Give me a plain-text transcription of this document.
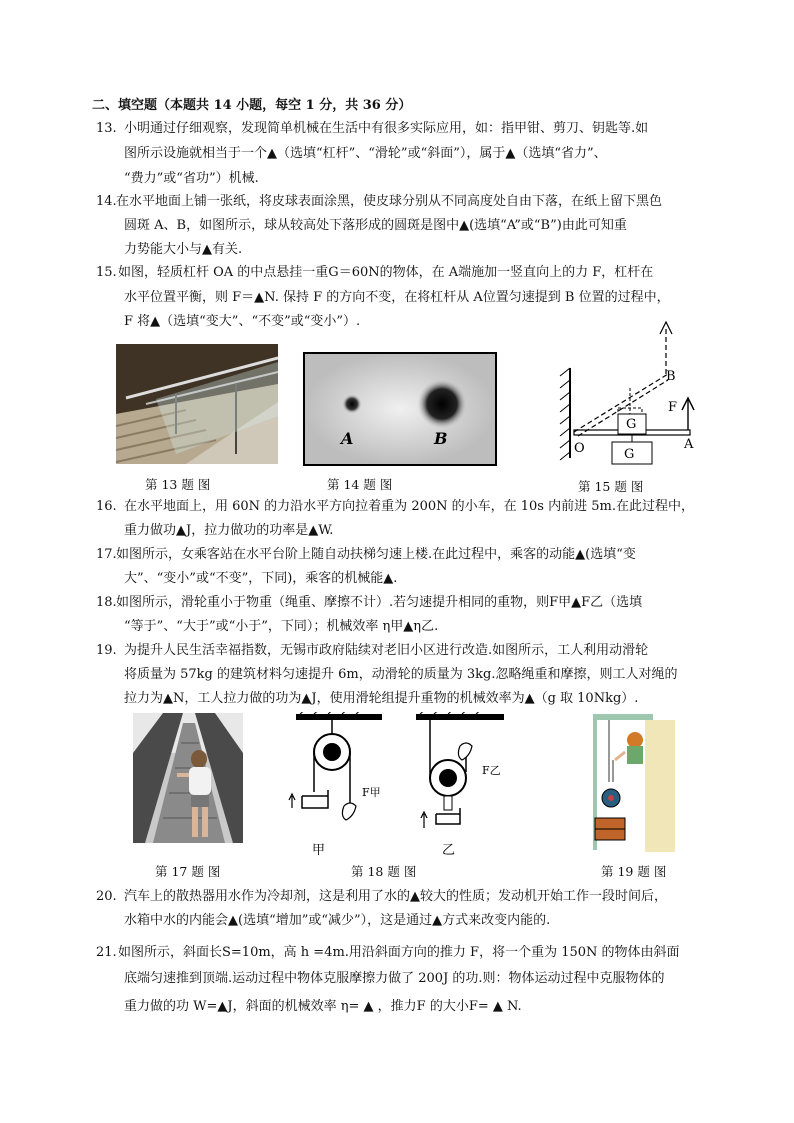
二、填空题（本题共 14 小题，每空 1 分，共 36 分）
13. 小明通过仔细观察，发现简单机械在生活中有很多实际应用，如：指甲钳、剪刀、钥匙等.如
图所示设施就相当于一个▲（选填“杠杆”、“滑轮”或“斜面”），属于▲（选填“省力”、
“费力”或“省功”）机械.
14. 在水平地面上铺一张纸，将皮球表面涂黑，使皮球分别从不同高度处自由下落，在纸上留下黑色
圆斑 A、B，如图所示，球从较高处下落形成的圆斑是图中▲(选填“A”或“B”)由此可知重
力势能大小与▲有关.
15. 如图，轻质杠杆 OA 的中点悬挂一重G＝60N的物体，在 A端施加一竖直向上的力 F，杠杆在
水平位置平衡，则 F＝▲N. 保持 F 的方向不变，在将杠杆从 A位置匀速提到 B 位置的过程中，
F 将▲（选填“变大”、“不变”或“变小”）.
第 13 题 图
A	B
第 14 题 图
B
F
O	A
G
G
第 15 题 图
16. 在水平地面上，用 60N 的力沿水平方向拉着重为 200N 的小车，在 10s 内前进 5m.在此过程中，
重力做功▲J，拉力做功的功率是▲W.
17. 如图所示，女乘客站在水平台阶上随自动扶梯匀速上楼.在此过程中，乘客的动能▲(选填“变
大”、“变小”或“不变”，下同)，乘客的机械能▲.
18. 如图所示，滑轮重小于物重（绳重、摩擦不计）.若匀速提升相同的重物，则F甲▲F乙（选填
“等于”、“大于”或“小于”，下同）；机械效率 η甲▲η乙.
19. 为提升人民生活幸福指数，无锡市政府陆续对老旧小区进行改造.如图所示，工人利用动滑轮
将质量为 57kg 的建筑材料匀速提升 6m，动滑轮的质量为 3kg.忽略绳重和摩擦，则工人对绳的
拉力为▲N，工人拉力做的功为▲J，使用滑轮组提升重物的机械效率为▲（g 取 10Nkg）.
第 17 题 图
F甲
甲
F乙
乙
第 18 题 图	第 19 题 图
20. 汽车上的散热器用水作为冷却剂，这是利用了水的▲较大的性质；发动机开始工作一段时间后，
水箱中水的内能会▲(选填“增加”或“减少”），这是通过▲方式来改变内能的.
21. 如图所示，斜面长S=10m，高 h =4m.用沿斜面方向的推力 F，将一个重为 150N 的物体由斜面
底端匀速推到顶端.运动过程中物体克服摩擦力做了 200J 的功.则：物体运动过程中克服物体的
重力做的功 W=▲J，斜面的机械效率 η= ▲ ，推力F 的大小F= ▲ N.
